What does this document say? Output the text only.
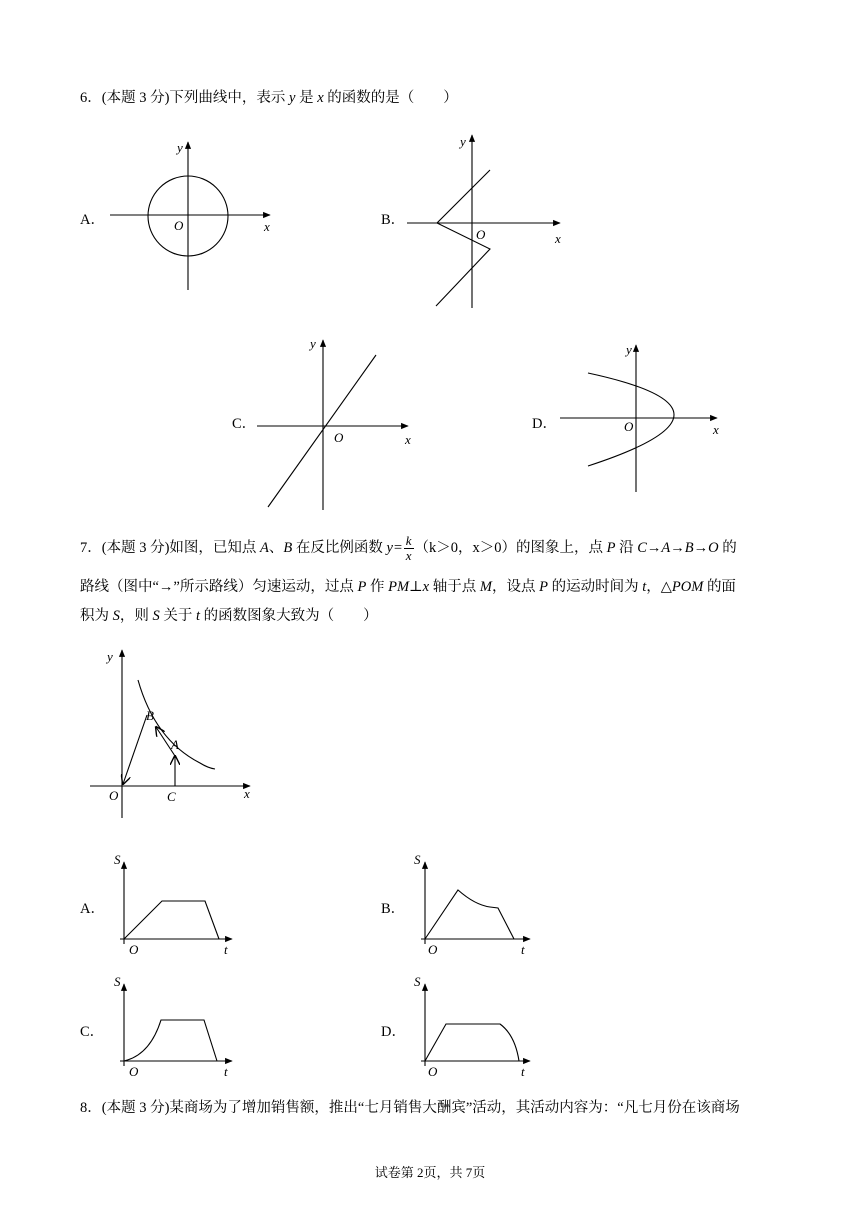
6．(本题 3 分)下列曲线中，表示 y 是 x 的函数的是（　　）
A．	B．
C．	D．
7．(本题 3 分)如图，已知点 A、B 在反比例函数 $y= \frac{k}{x} (k>0$，x＞0）的图象上，点 P 沿 C→A→B→O 的
路线（图中“→”所示路线）匀速运动，过点 P 作 PM⊥x 轴于点 M，设点 P 的运动时间为 t，△POM 的面
积为 S，则 S 关于 t 的函数图象大致为（　　）
A．	B．
C．	D．
8．(本题 3 分)某商场为了增加销售额，推出“七月销售大酬宾”活动，其活动内容为：“凡七月份在该商场
试卷第 2页，共 7页
y
x
O
y
x
O
y
x
O
y
x
O
y
x
O	C
B
A
S
O	t
S
O	t
S
O	t
S
O	t
